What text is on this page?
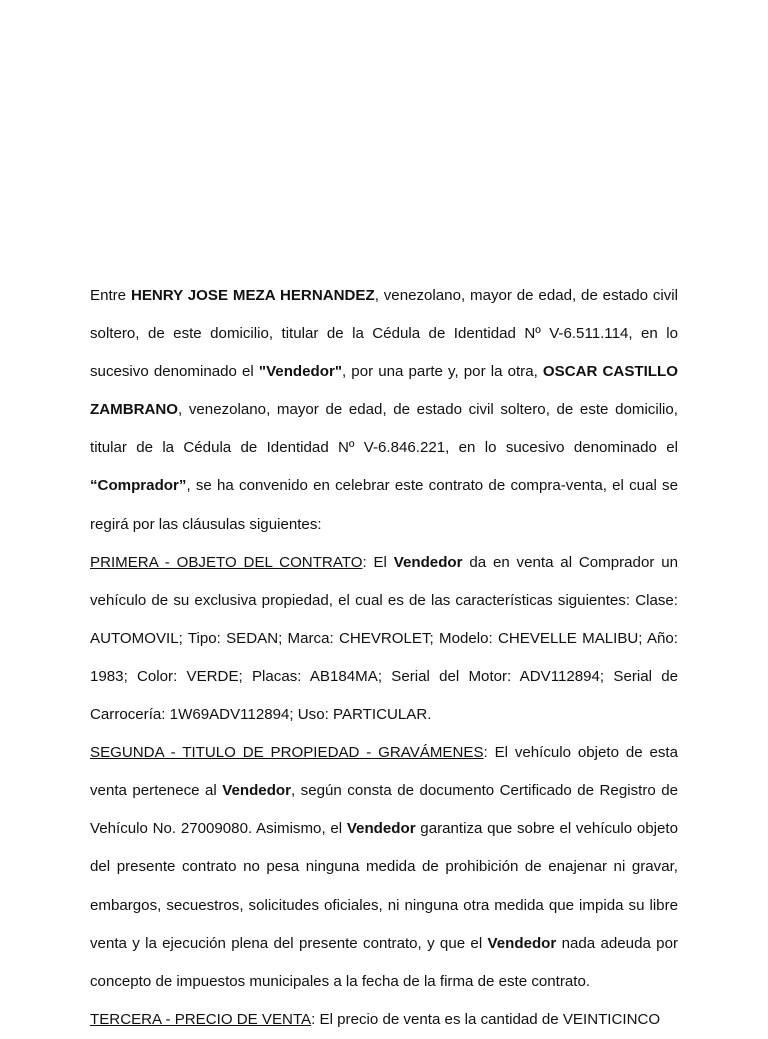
Entre HENRY JOSE MEZA HERNANDEZ, venezolano, mayor de edad, de estado civil soltero, de este domicilio, titular de la Cédula de Identidad Nº V-6.511.114, en lo sucesivo denominado el "Vendedor", por una parte y, por la otra, OSCAR CASTILLO ZAMBRANO, venezolano, mayor de edad, de estado civil soltero, de este domicilio, titular de la Cédula de Identidad Nº V-6.846.221, en lo sucesivo denominado el “Comprador”, se ha convenido en celebrar este contrato de compra-venta, el cual se regirá por las cláusulas siguientes:

PRIMERA - OBJETO DEL CONTRATO: El Vendedor da en venta al Comprador un vehículo de su exclusiva propiedad, el cual es de las características siguientes: Clase: AUTOMOVIL; Tipo: SEDAN; Marca: CHEVROLET; Modelo: CHEVELLE MALIBU; Año: 1983; Color: VERDE; Placas: AB184MA; Serial del Motor: ADV112894; Serial de Carrocería: 1W69ADV112894; Uso: PARTICULAR.

SEGUNDA - TITULO DE PROPIEDAD - GRAVÁMENES: El vehículo objeto de esta venta pertenece al Vendedor, según consta de documento Certificado de Registro de Vehículo No. 27009080. Asimismo, el Vendedor garantiza que sobre el vehículo objeto del presente contrato no pesa ninguna medida de prohibición de enajenar ni gravar, embargos, secuestros, solicitudes oficiales, ni ninguna otra medida que impida su libre venta y la ejecución plena del presente contrato, y que el Vendedor nada adeuda por concepto de impuestos municipales a la fecha de la firma de este contrato.

TERCERA - PRECIO DE VENTA: El precio de venta es la cantidad de VEINTICINCO
